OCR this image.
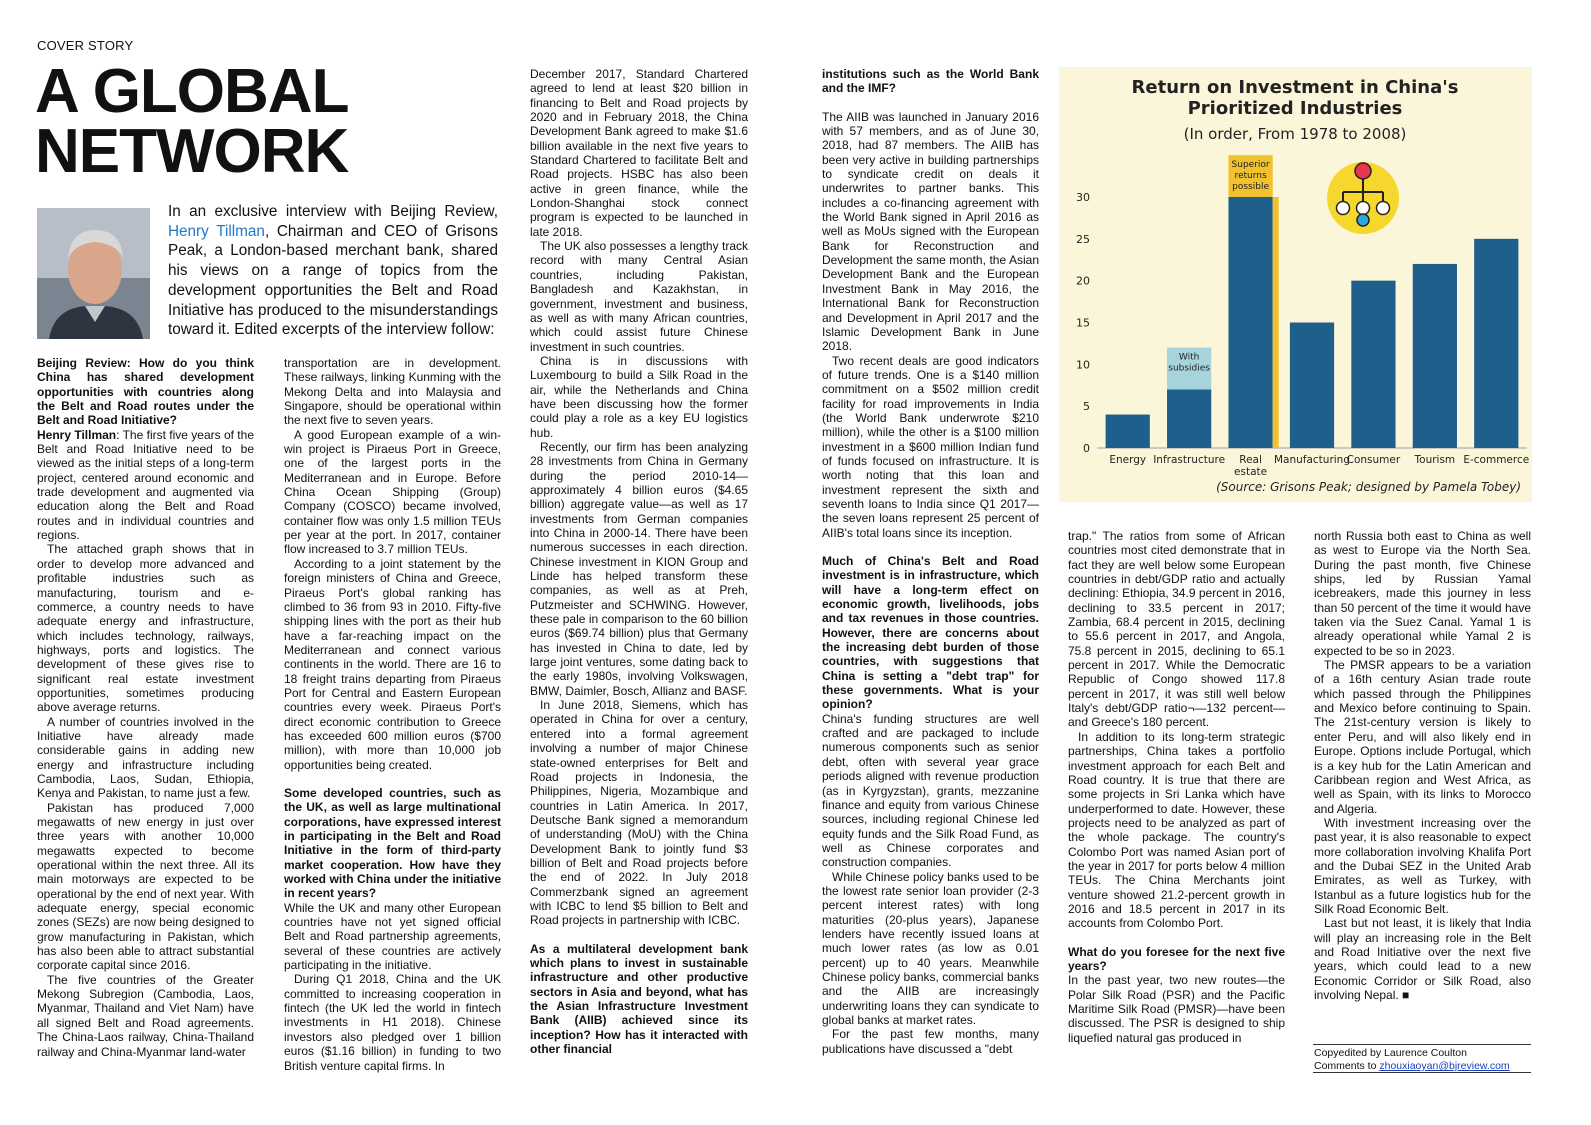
COVER STORY
A GLOBAL
NETWORK
In an exclusive interview with Beijing Review, Henry Tillman, Chairman and CEO of Grisons Peak, a London-based merchant bank, shared his views on a range of topics from the development opportunities the Belt and Road Initiative has produced to the misunderstandings toward it. Edited excerpts of the interview follow:

Beijing Review: How do you think China has shared development opportunities with countries along the Belt and Road routes under the Belt and Road Initiative?

Henry Tillman: The first five years of the Belt and Road Initiative need to be viewed as the initial steps of a long-term project, centered around economic and trade development and augmented via education along the Belt and Road routes and in individual countries and regions.

The attached graph shows that in order to develop more advanced and profitable industries such as manufacturing, tourism and e-commerce, a country needs to have adequate energy and infrastructure, which includes technology, railways, highways, ports and logistics. The development of these gives rise to significant real estate investment opportunities, sometimes producing above average returns.

A number of countries involved in the Initiative have already made considerable gains in adding new energy and infrastructure including Cambodia, Laos, Sudan, Ethiopia, Kenya and Pakistan, to name just a few.

Pakistan has produced 7,000 megawatts of new energy in just over three years with another 10,000 megawatts expected to become operational within the next three. All its main motorways are expected to be operational by the end of next year. With adequate energy, special economic zones (SEZs) are now being designed to grow manufacturing in Pakistan, which has also been able to attract substantial corporate capital since 2016.

The five countries of the Greater Mekong Subregion (Cambodia, Laos, Myanmar, Thailand and Viet Nam) have all signed Belt and Road agreements. The China-Laos railway, China-Thailand railway and China-Myanmar land-water

transportation are in development. These railways, linking Kunming with the Mekong Delta and into Malaysia and Singapore, should be operational within the next five to seven years.

A good European example of a win-win project is Piraeus Port in Greece, one of the largest ports in the Mediterranean and in Europe. Before China Ocean Shipping (Group) Company (COSCO) became involved, container flow was only 1.5 million TEUs per year at the port. In 2017, container flow increased to 3.7 million TEUs.

According to a joint statement by the foreign ministers of China and Greece, Piraeus Port's global ranking has climbed to 36 from 93 in 2010. Fifty-five shipping lines with the port as their hub have a far-reaching impact on the Mediterranean and connect various continents in the world. There are 16 to 18 freight trains departing from Piraeus Port for Central and Eastern European countries every week. Piraeus Port's direct economic contribution to Greece has exceeded 600 million euros ($700 million), with more than 10,000 job opportunities being created.

Some developed countries, such as the UK, as well as large multinational corporations, have expressed interest in participating in the Belt and Road Initiative in the form of third-party market cooperation. How have they worked with China under the initiative in recent years?

While the UK and many other European countries have not yet signed official Belt and Road partnership agreements, several of these countries are actively participating in the initiative.

During Q1 2018, China and the UK committed to increasing cooperation in fintech (the UK led the world in fintech investments in H1 2018). Chinese investors also pledged over 1 billion euros ($1.16 billion) in funding to two British venture capital firms. In

December 2017, Standard Chartered agreed to lend at least $20 billion in financing to Belt and Road projects by 2020 and in February 2018, the China Development Bank agreed to make $1.6 billion available in the next five years to Standard Chartered to facilitate Belt and Road projects. HSBC has also been active in green finance, while the London-Shanghai stock connect program is expected to be launched in late 2018.

The UK also possesses a lengthy track record with many Central Asian countries, including Pakistan, Bangladesh and Kazakhstan, in government, investment and business, as well as with many African countries, which could assist future Chinese investment in such countries.

China is in discussions with Luxembourg to build a Silk Road in the air, while the Netherlands and China have been discussing how the former could play a role as a key EU logistics hub.

Recently, our firm has been analyzing 28 investments from China in Germany during the period 2010-14—approximately 4 billion euros ($4.65 billion) aggregate value—as well as 17 investments from German companies into China in 2000-14. There have been numerous successes in each direction. Chinese investment in KION Group and Linde has helped transform these companies, as well as at Preh, Putzmeister and SCHWING. However, these pale in comparison to the 60 billion euros ($69.74 billion) plus that Germany has invested in China to date, led by large joint ventures, some dating back to the early 1980s, involving Volkswagen, BMW, Daimler, Bosch, Allianz and BASF.

In June 2018, Siemens, which has operated in China for over a century, entered into a formal agreement involving a number of major Chinese state-owned enterprises for Belt and Road projects in Indonesia, the Philippines, Nigeria, Mozambique and countries in Latin America. In 2017, Deutsche Bank signed a memorandum of understanding (MoU) with the China Development Bank to jointly fund $3 billion of Belt and Road projects before the end of 2022. In July 2018 Commerzbank signed an agreement with ICBC to lend $5 billion to Belt and Road projects in partnership with ICBC.

As a multilateral development bank which plans to invest in sustainable infrastructure and other productive sectors in Asia and beyond, what has the Asian Infrastructure Investment Bank (AIIB) achieved since its inception? How has it interacted with other financial

institutions such as the World Bank and the IMF?

The AIIB was launched in January 2016 with 57 members, and as of June 30, 2018, had 87 members. The AIIB has been very active in building partnerships to syndicate credit on deals it underwrites to partner banks. This includes a co-financing agreement with the World Bank signed in April 2016 as well as MoUs signed with the European Bank for Reconstruction and Development the same month, the Asian Development Bank and the European Investment Bank in May 2016, the International Bank for Reconstruction and Development in April 2017 and the Islamic Development Bank in June 2018.

Two recent deals are good indicators of future trends. One is a $140 million commitment on a $502 million credit facility for road improvements in India (the World Bank underwrote $210 million), while the other is a $100 million investment in a $600 million Indian fund of funds focused on infrastructure. It is worth noting that this loan and investment represent the sixth and seventh loans to India since Q1 2017—the seven loans represent 25 percent of AIIB's total loans since its inception.

Much of China's Belt and Road investment is in infrastructure, which will have a long-term effect on economic growth, livelihoods, jobs and tax revenues in those countries. However, there are concerns about the increasing debt burden of those countries, with suggestions that China is setting a "debt trap" for these governments. What is your opinion?

China's funding structures are well crafted and are packaged to include numerous components such as senior debt, often with several year grace periods aligned with revenue production (as in Kyrgyzstan), grants, mezzanine finance and equity from various Chinese sources, including regional Chinese led equity funds and the Silk Road Fund, as well as Chinese corporates and construction companies.

While Chinese policy banks used to be the lowest rate senior loan provider (2-3 percent interest rates) with long maturities (20-plus years), Japanese lenders have recently issued loans at much lower rates (as low as 0.01 percent) up to 40 years. Meanwhile Chinese policy banks, commercial banks and the AIIB are increasingly underwriting loans they can syndicate to global banks at market rates.

For the past few months, many publications have discussed a "debt

trap." The ratios from some of African countries most cited demonstrate that in fact they are well below some European countries in debt/GDP ratio and actually declining: Ethiopia, 34.9 percent in 2016, declining to 33.5 percent in 2017; Zambia, 68.4 percent in 2015, declining to 55.6 percent in 2017, and Angola, 75.8 percent in 2015, declining to 65.1 percent in 2017. While the Democratic Republic of Congo showed 117.8 percent in 2017, it was still well below Italy's debt/GDP ratio¬—132 percent—and Greece's 180 percent.

In addition to its long-term strategic partnerships, China takes a portfolio investment approach for each Belt and Road country. It is true that there are some projects in Sri Lanka which have underperformed to date. However, these projects need to be analyzed as part of the whole package. The country's Colombo Port was named Asian port of the year in 2017 for ports below 4 million TEUs. The China Merchants joint venture showed 21.2-percent growth in 2016 and 18.5 percent in 2017 in its accounts from Colombo Port.

What do you foresee for the next five years?

In the past year, two new routes—the Polar Silk Road (PSR) and the Pacific Maritime Silk Road (PMSR)—have been discussed. The PSR is designed to ship liquefied natural gas produced in

north Russia both east to China as well as west to Europe via the North Sea. During the past month, five Chinese ships, led by Russian Yamal icebreakers, made this journey in less than 50 percent of the time it would have taken via the Suez Canal. Yamal 1 is already operational while Yamal 2 is expected to be so in 2023.

The PMSR appears to be a variation of a 16th century Asian trade route which passed through the Philippines and Mexico before continuing to Spain. The 21st-century version is likely to enter Peru, and will also likely end in Europe. Options include Portugal, which is a key hub for the Latin American and Caribbean region and West Africa, as well as Spain, with its links to Morocco and Algeria.

With investment increasing over the past year, it is also reasonable to expect more collaboration involving Khalifa Port and the Dubai SEZ in the United Arab Emirates, as well as Turkey, with Istanbul as a future logistics hub for the Silk Road Economic Belt.

Last but not least, it is likely that India will play an increasing role in the Belt and Road Initiative over the next five years, which could lead to a new Economic Corridor or Silk Road, also involving Nepal. ■

Copyedited by Laurence Coulton
Comments to zhouxiaoyan@bjreview.com
Return on Investment in China's
Prioritized Industries
(In order, From 1978 to 2008)
0
5
10
15
20
25
30
Energy
With
subsidies
Infrastructure
Superior
returns
possible
Real
estate
Manufacturing
Consumer Tourism E-commerce
(Source: Grisons Peak; designed by Pamela Tobey)
